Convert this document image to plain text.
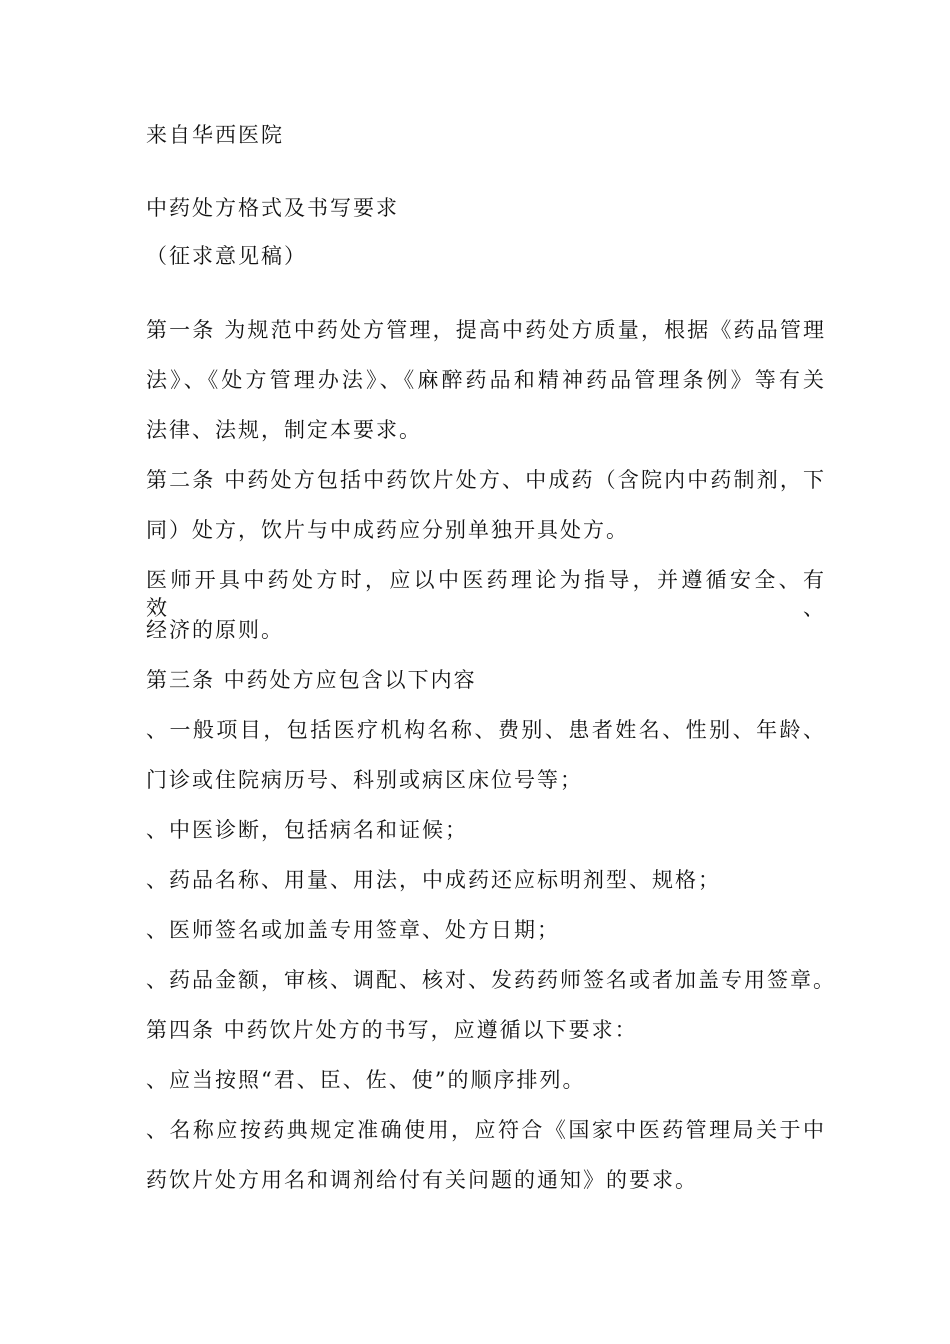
来自华西医院
中药处方格式及书写要求
（征求意见稿）
第一条 为规范中药处方管理，提高中药处方质量，根据《药品管理
法》、《处方管理办法》、《麻醉药品和精神药品管理条例》等有关
法律、法规，制定本要求。
第二条 中药处方包括中药饮片处方、中成药（含院内中药制剂，下
同）处方，饮片与中成药应分别单独开具处方。
医师开具中药处方时，应以中医药理论为指导，并遵循安全、有效、
经济的原则。
第三条 中药处方应包含以下内容
、一般项目，包括医疗机构名称、费别、患者姓名、性别、年龄、
门诊或住院病历号、科别或病区床位号等；
、中医诊断，包括病名和证候；
、药品名称、用量、用法，中成药还应标明剂型、规格；
、医师签名或加盖专用签章、处方日期；
、药品金额，审核、调配、核对、发药药师签名或者加盖专用签章。
第四条 中药饮片处方的书写，应遵循以下要求：
、应当按照“君、臣、佐、使”的顺序排列。
、名称应按药典规定准确使用，应符合《国家中医药管理局关于中
药饮片处方用名和调剂给付有关问题的通知》的要求。
